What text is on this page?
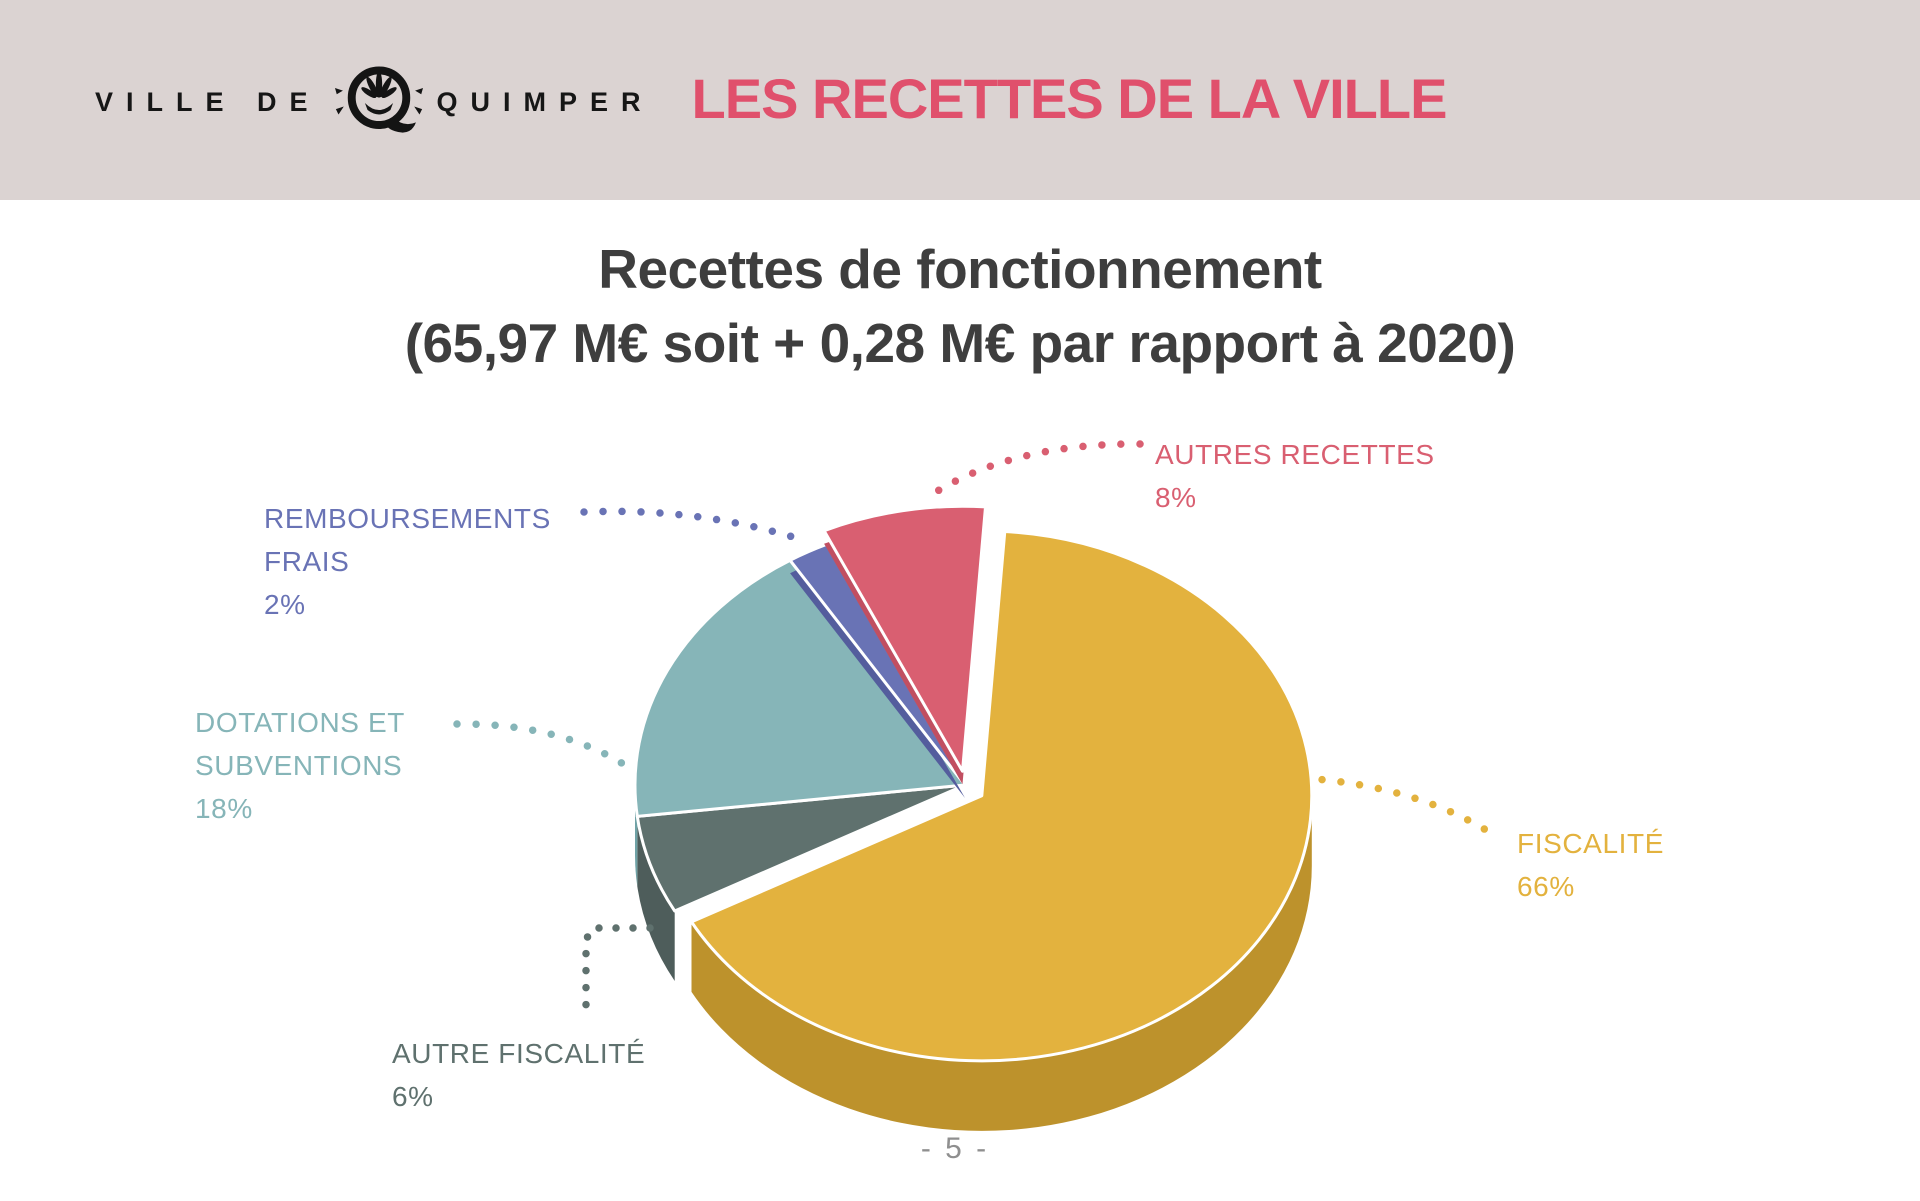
VILLE DE	QUIMPER LES RECETTES DE LA VILLE
Recettes de fonctionnement
(65,97 M€ soit + 0,28 M€ par rapport à 2020)
AUTRES RECETTES
8%
REMBOURSEMENTS
FRAIS
2%
DOTATIONS ET
SUBVENTIONS
18%
AUTRE FISCALITÉ
6%
FISCALITÉ
66%
- 5 -
